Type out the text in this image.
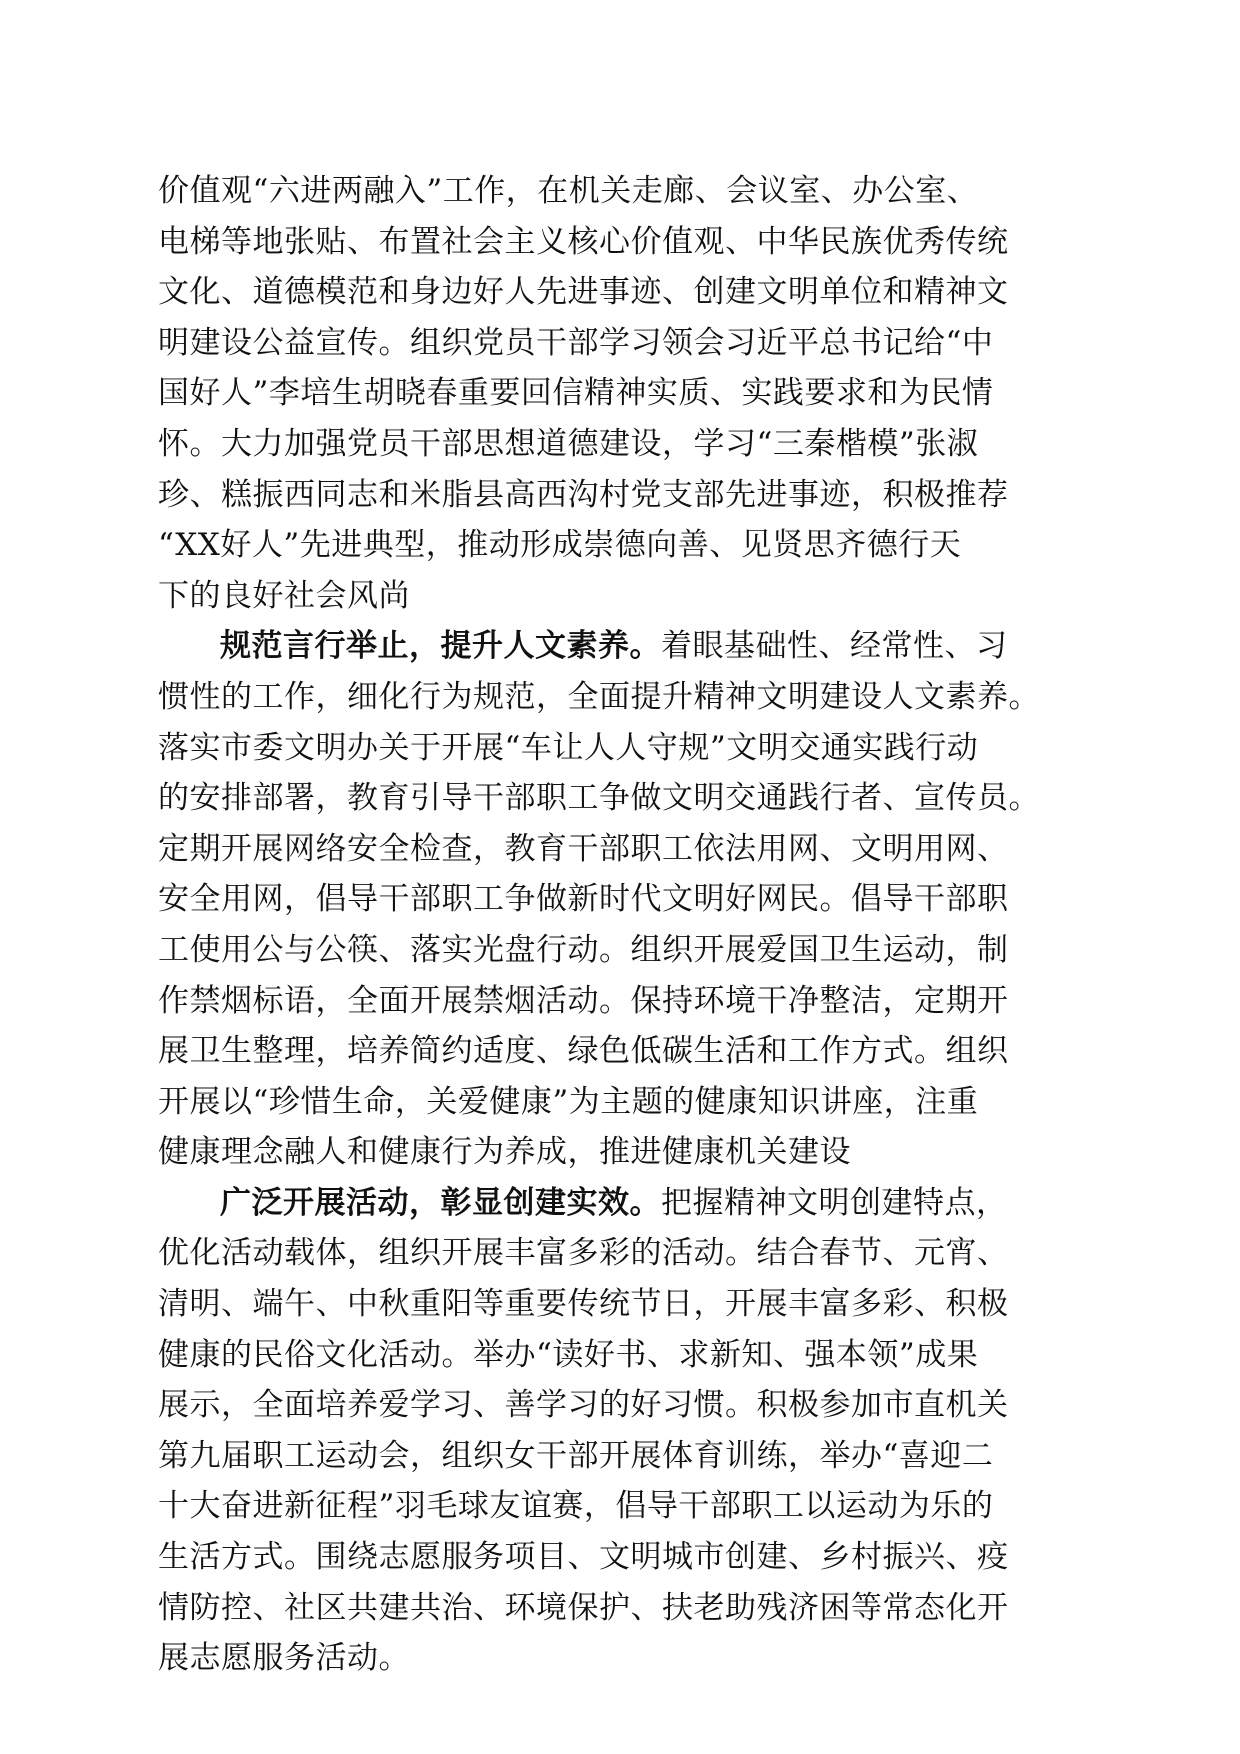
价值观“六进两融入”工作，在机关走廊、会议室、办公室、
电梯等地张贴、布置社会主义核心价值观、中华民族优秀传统
文化、道德模范和身边好人先进事迹、创建文明单位和精神文
明建设公益宣传。组织党员干部学习领会习近平总书记给“中
国好人”李培生胡晓春重要回信精神实质、实践要求和为民情
怀。大力加强党员干部思想道德建设，学习“三秦楷模”张淑
珍、糕振西同志和米脂县高西沟村党支部先进事迹，积极推荐
“XX好人”先进典型，推动形成崇德向善、见贤思齐德行天
下的良好社会风尚
规范言行举止，提升人文素养。着眼基础性、经常性、习
惯性的工作，细化行为规范，全面提升精神文明建设人文素养。
落实市委文明办关于开展“车让人人守规”文明交通实践行动
的安排部署，教育引导干部职工争做文明交通践行者、宣传员。
定期开展网络安全检查，教育干部职工依法用网、文明用网、
安全用网，倡导干部职工争做新时代文明好网民。倡导干部职
工使用公与公筷、落实光盘行动。组织开展爱国卫生运动，制
作禁烟标语，全面开展禁烟活动。保持环境干净整洁，定期开
展卫生整理，培养简约适度、绿色低碳生活和工作方式。组织
开展以“珍惜生命，关爱健康”为主题的健康知识讲座，注重
健康理念融人和健康行为养成，推进健康机关建设
广泛开展活动，彰显创建实效。把握精神文明创建特点，
优化活动载体，组织开展丰富多彩的活动。结合春节、元宵、
清明、端午、中秋重阳等重要传统节日，开展丰富多彩、积极
健康的民俗文化活动。举办“读好书、求新知、强本领”成果
展示，全面培养爱学习、善学习的好习惯。积极参加市直机关
第九届职工运动会，组织女干部开展体育训练，举办“喜迎二
十大奋进新征程”羽毛球友谊赛，倡导干部职工以运动为乐的
生活方式。围绕志愿服务项目、文明城市创建、乡村振兴、疫
情防控、社区共建共治、环境保护、扶老助残济困等常态化开
展志愿服务活动。
